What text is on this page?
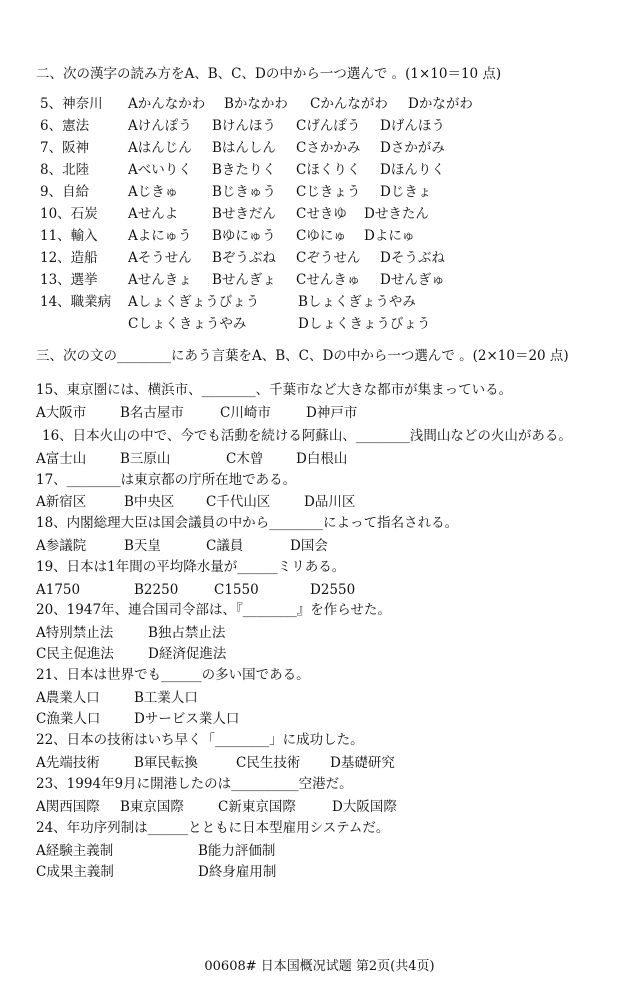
二、次の漢字の読み方をA、B、C、Dの中から一つ選んで 。(1×10＝10 点)
5、神奈川 Aかんなかわ Bかなかわ Cかんながわ Dかながわ
6、憲法	Aけんぽう Bけんほう Cげんぽう Dげんほう
7、阪神	Aはんじん Bはんしん Cさかかみ Dさかがみ
8、北陸	Aべいりく Bきたりく Cほくりく Dほんりく
9、自給	Aじきゅ	Bじきゅう Cじきょう Dじきょ
10、石炭 Aせんよ	Bせきだん Cせきゆ Dせきたん
11、輸入 Aよにゅう Bゆにゅう Cゆにゅ Dよにゅ
12、造船 Aそうせん Bぞうぶね Cぞうせん Dそうぶね
13、選挙 Aせんきょ Bせんぎょ Cせんきゅ Dせんぎゅ
14、職業病 Aしょくぎょうびょう	Bしょくぎょうやみ
Cしょくきょうやみ	Dしょくきょうびょう
三、次の文の________にあう言葉をA、B、C、Dの中から一つ選んで 。(2×10＝20 点)
15、東京圏には、横浜市、________、千葉市など大きな都市が集まっている。
A大阪市	B名古屋市	C川崎市	D神戸市
16、日本火山の中で、今でも活動を続ける阿蘇山、________浅間山などの火山がある。
A富士山	B三原山	C木曾 D白根山
17、________は東京都の庁所在地である。
A新宿区	B中央区 C千代山区 D品川区
18、内閣総理大臣は国会議員の中から________によって指名される。
A参議院	B天皇	C議員	D国会
19、日本は1年間の平均降水量が______ミリある。
A1750	B2250	C1550	D2550
20、1947年、連合国司令部は、『________』を作らせた。
A特別禁止法	B独占禁止法
C民主促進法	D経済促進法
21、日本は世界でも______の多い国である。
A農業人口	B工業人口
C漁業人口 Dサービス業人口
22、日本の技術はいち早く「________」に成功した。
A先端技術	B軍民転換	C民生技術 D基礎研究
23、1994年9月に開港したのは__________空港だ。
A関西国際 B東京国際	C新東京国際	D大阪国際
24、年功序列制は______とともに日本型雇用システムだ。
A経験主義制	B能力評価制
C成果主義制	D終身雇用制
00608# 日本国概况试题 第2页(共4页)
